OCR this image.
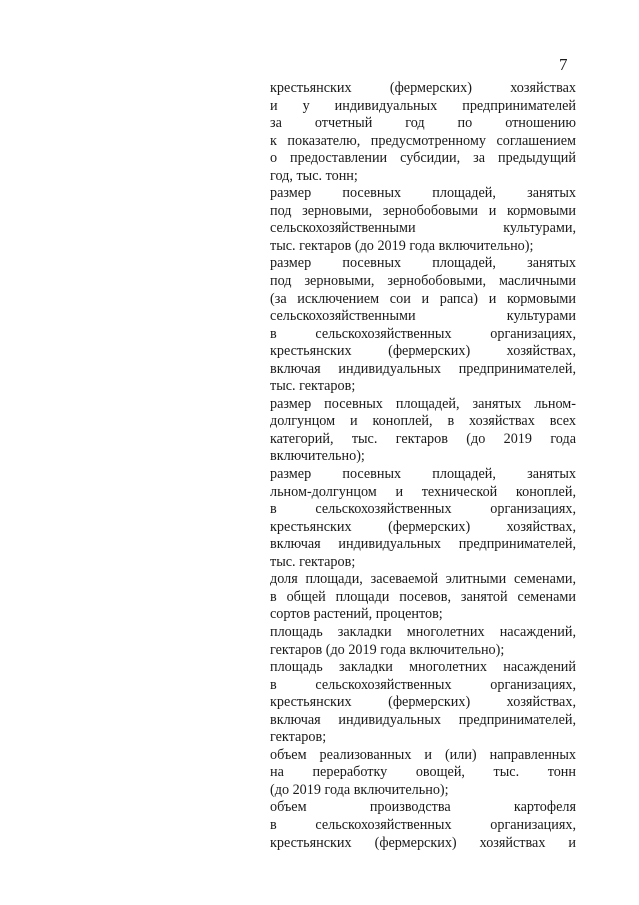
7
крестьянских (фермерских) хозяйствах
и у индивидуальных предпринимателей
за отчетный год по отношению
к показателю, предусмотренному соглашением
о предоставлении субсидии, за предыдущий
год, тыс. тонн;
размер посевных площадей, занятых
под зерновыми, зернобобовыми и кормовыми
сельскохозяйственными культурами,
тыс. гектаров (до 2019 года включительно);
размер посевных площадей, занятых
под зерновыми, зернобобовыми, масличными
(за исключением сои и рапса) и кормовыми
сельскохозяйственными культурами
в сельскохозяйственных организациях,
крестьянских (фермерских) хозяйствах,
включая индивидуальных предпринимателей,
тыс. гектаров;
размер посевных площадей, занятых льном-
долгунцом и коноплей, в хозяйствах всех
категорий, тыс. гектаров (до 2019 года
включительно);
размер посевных площадей, занятых
льном-долгунцом и технической коноплей,
в сельскохозяйственных организациях,
крестьянских (фермерских) хозяйствах,
включая индивидуальных предпринимателей,
тыс. гектаров;
доля площади, засеваемой элитными семенами,
в общей площади посевов, занятой семенами
сортов растений, процентов;
площадь закладки многолетних насаждений,
гектаров (до 2019 года включительно);
площадь закладки многолетних насаждений
в сельскохозяйственных организациях,
крестьянских (фермерских) хозяйствах,
включая индивидуальных предпринимателей,
гектаров;
объем реализованных и (или) направленных
на переработку овощей, тыс. тонн
(до 2019 года включительно);
объем производства картофеля
в сельскохозяйственных организациях,
крестьянских (фермерских) хозяйствах и
